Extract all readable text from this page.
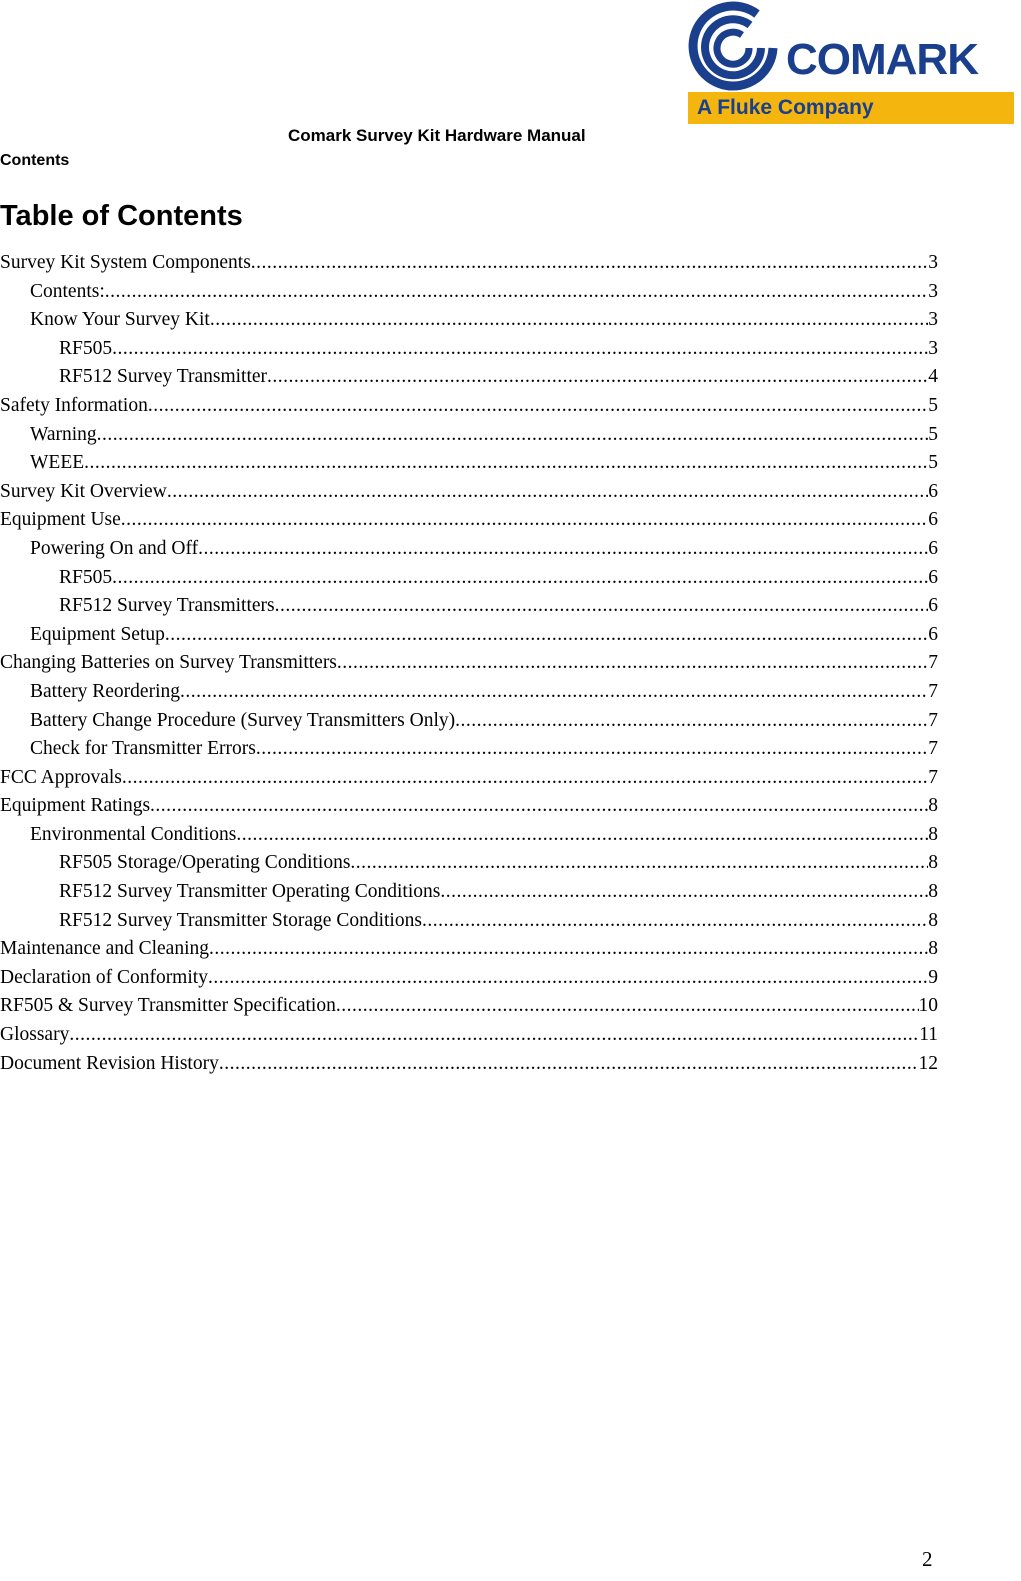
COMARK
A Fluke Company
Comark Survey Kit Hardware Manual
Contents
Table of Contents
Survey Kit System Components .....	3
Contents: .....	3
Know Your Survey Kit .....	3
RF505 .....	3
RF512 Survey Transmitter .....	4
Safety Information .....	5
Warning .....	5
WEEE .....	5
Survey Kit Overview .....	6
Equipment Use .....	6
Powering On and Off .....	6
RF505 .....	6
RF512 Survey Transmitters .....	6
Equipment Setup .....	6
Changing Batteries on Survey Transmitters .....	7
Battery Reordering .....	7
Battery Change Procedure (Survey Transmitters Only) .....	7
Check for Transmitter Errors .....	7
FCC Approvals .....	7
Equipment Ratings .....	8
Environmental Conditions .....	8
RF505 Storage/Operating Conditions .....	8
RF512 Survey Transmitter Operating Conditions .....	8
RF512 Survey Transmitter Storage Conditions .....	8
Maintenance and Cleaning .....	8
Declaration of Conformity .....	9
RF505 & Survey Transmitter Specification .....	10
Glossary .....	11
Document Revision History .....	12
2
